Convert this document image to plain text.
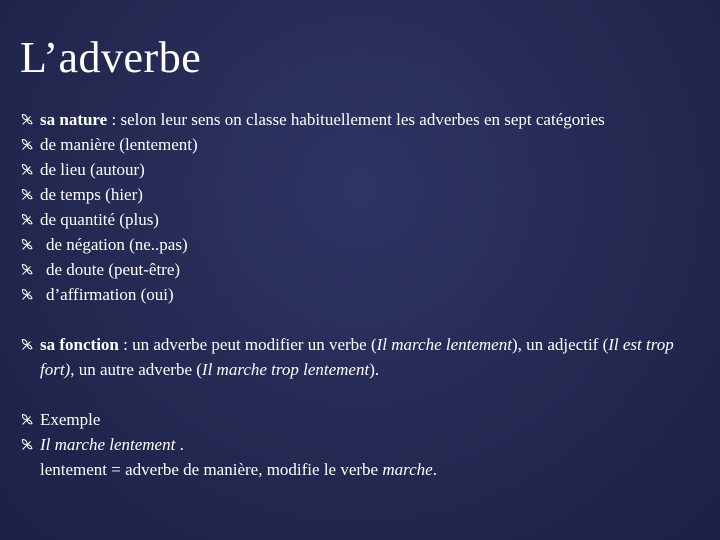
L’adverbe
sa nature : selon leur sens on classe habituellement les adverbes en sept catégories
de manière (lentement)
de lieu (autour)
de temps (hier)
de quantité (plus)
de négation (ne..pas)
de doute (peut-être)
d’affirmation (oui)
sa fonction : un adverbe peut modifier un verbe (Il marche lentement), un adjectif (Il est trop fort), un autre adverbe (Il marche trop lentement).
Exemple
Il marche lentement .
lentement = adverbe de manière, modifie le verbe marche.
